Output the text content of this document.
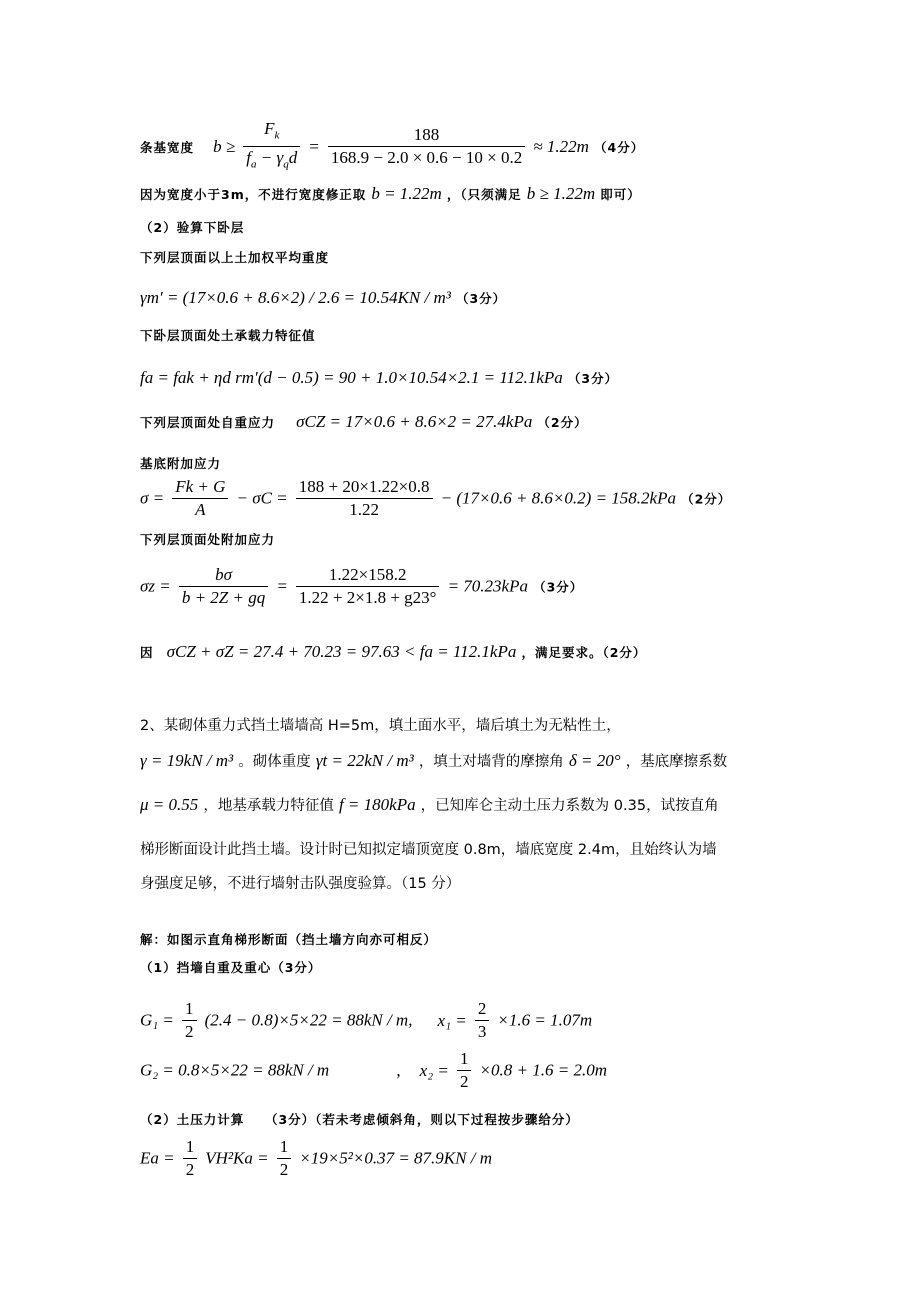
条基宽度 $b \ge \frac{F_k}{f_a - \gamma_qd} = \frac{188}{168.9 - 2.0 \times 0.6 - 10 \times 0.2} \approx 1.22m$ （4分）
因为宽度小于3m，不进行宽度修正取 b = 1.22m ，（只须满足 b ≥ 1.22m 即可）
（2）验算下卧层
下列层顶面以上土加权平均重度
γm′ = (17×0.6 + 8.6×2) / 2.6 = 10.54KN / m³ （3分）
下卧层顶面处土承载力特征值
fa = fak + ηd rm′(d − 0.5) = 90 + 1.0×10.54×2.1 = 112.1kPa （3分）
下列层顶面处自重应力 σCZ = 17×0.6 + 8.6×2 = 27.4kPa （2分）
基底附加应力
$\sigma = \frac{Fk + G}{A} - \sigma C = \frac{188 + 20\times 1.22\times 0.8}{1.22} - (17\times 0.6 + 8.6\times 0.2) = 158.2kPa$ （2分）
下列层顶面处附加应力
$\sigma z = \frac{b\sigma}{b + 2Z + gq} = \frac{1.22\times 158.2}{1.22 + 2\times 1.8 + g23^\circ} = 70.23kPa$ （3分）
因 σCZ + σZ = 27.4 + 70.23 = 97.63 < fa = 112.1kPa ，满足要求。（2分）
2、某砌体重力式挡土墙墙高 H=5m，填土面水平，墙后填土为无粘性土，
γ = 19kN / m³ 。砌体重度 γt = 22kN / m³ ，填土对墙背的摩擦角 δ = 20° ，基底摩擦系数
μ = 0.55 ，地基承载力特征值 f = 180kPa ，已知库仑主动土压力系数为 0.35，试按直角
梯形断面设计此挡土墙。设计时已知拟定墙顶宽度 0.8m，墙底宽度 2.4m，且始终认为墙
身强度足够，不进行墙射击队强度验算。（15 分）
解：如图示直角梯形断面（挡土墙方向亦可相反）
（1）挡墙自重及重心（3分）
$G_1 = \frac{1}{2} (2.4 - 0.8)\times 5\times 22 = 88kN / m$, $x_1 = \frac{2}{3} \times 1.6 = 1.07m$
G₂ = 0.8×5×22 = 88kN / m	, $x_2 = \frac{1}{2} \times 0.8 + 1.6 = 2.0m$
（2）土压力计算　　（3分）（若未考虑倾斜角，则以下过程按步骤给分）
$Ea = \frac{1}{2} VH^2Ka = \frac{1}{2} \times 19\times 5^2\times 0.37 = 87.9KN / m$
